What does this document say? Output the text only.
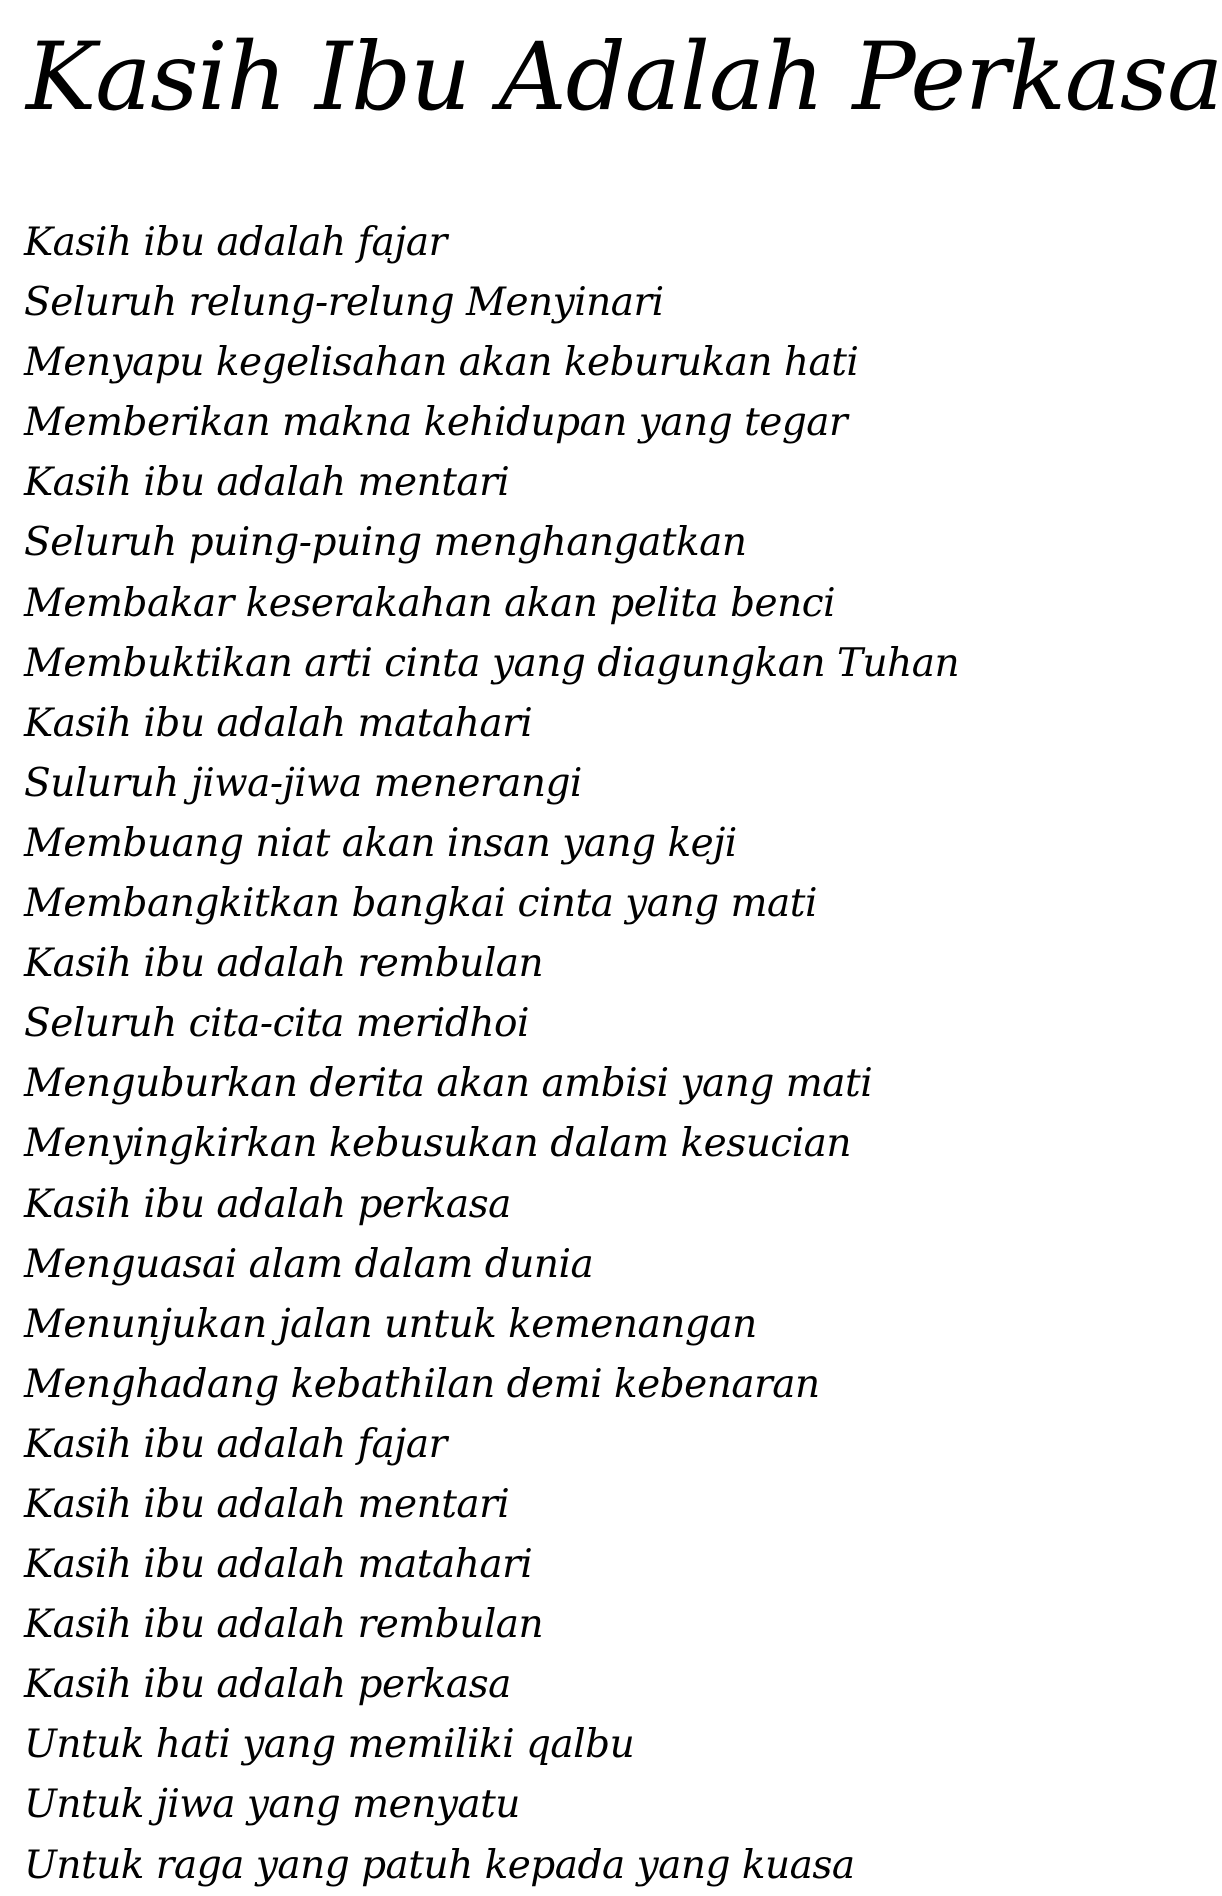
Kasih Ibu Adalah Perkasa
Kasih ibu adalah fajar
Seluruh relung-relung Menyinari
Menyapu kegelisahan akan keburukan hati
Memberikan makna kehidupan yang tegar
Kasih ibu adalah mentari
Seluruh puing-puing menghangatkan
Membakar keserakahan akan pelita benci
Membuktikan arti cinta yang diagungkan Tuhan
Kasih ibu adalah matahari
Suluruh jiwa-jiwa menerangi
Membuang niat akan insan yang keji
Membangkitkan bangkai cinta yang mati
Kasih ibu adalah rembulan
Seluruh cita-cita meridhoi
Menguburkan derita akan ambisi yang mati
Menyingkirkan kebusukan dalam kesucian
Kasih ibu adalah perkasa
Menguasai alam dalam dunia
Menunjukan jalan untuk kemenangan
Menghadang kebathilan demi kebenaran
Kasih ibu adalah fajar
Kasih ibu adalah mentari
Kasih ibu adalah matahari
Kasih ibu adalah rembulan
Kasih ibu adalah perkasa
Untuk hati yang memiliki qalbu
Untuk jiwa yang menyatu
Untuk raga yang patuh kepada yang kuasa
